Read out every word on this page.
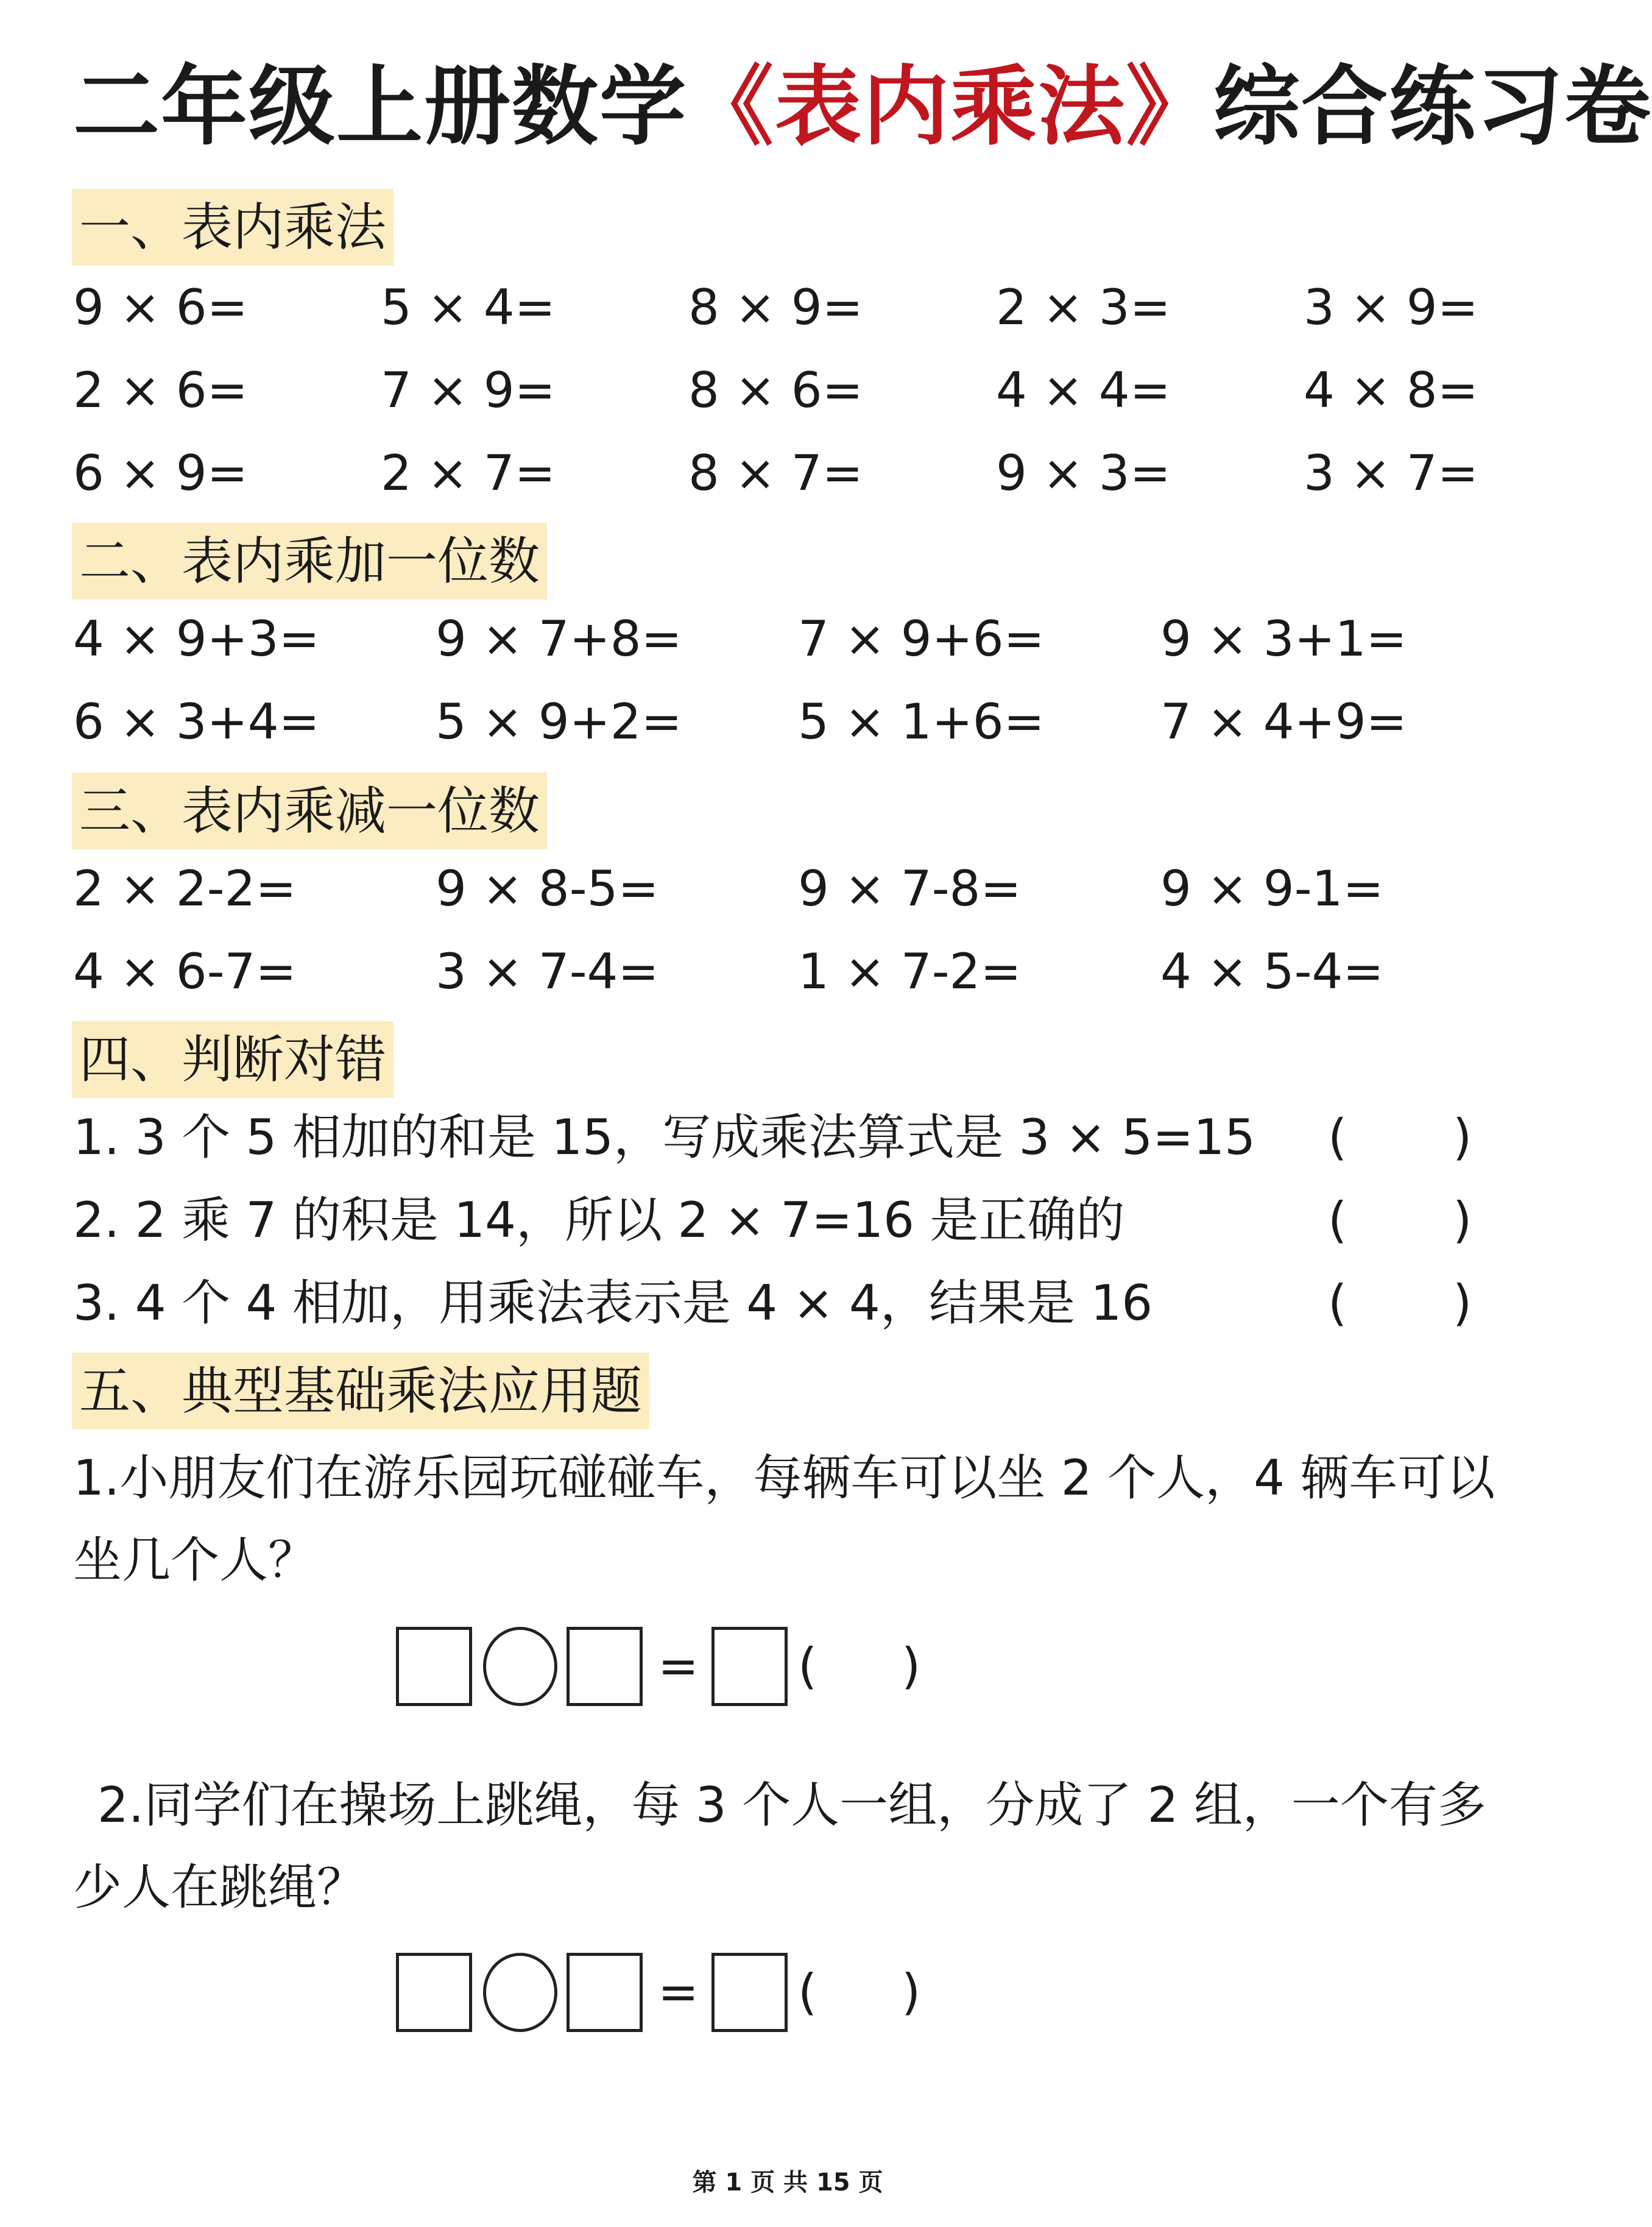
二年级上册数学《表内乘法》综合练习卷
一、表内乘法
9 × 6=	5 × 4=	8 × 9=	2 × 3=	3 × 9=
2 × 6=	7 × 9=	8 × 6=	4 × 4=	4 × 8=
6 × 9=	2 × 7=	8 × 7=	9 × 3=	3 × 7=
二、表内乘加一位数
4 × 9+3= 9 × 7+8= 7 × 9+6= 9 × 3+1=
6 × 3+4= 5 × 9+2= 5 × 1+6= 7 × 4+9=
三、表内乘减一位数
2 × 2-2=	9 × 8-5=	9 × 7-8=	9 × 9-1=
4 × 6-7=	3 × 7-4=	1 × 7-2=	4 × 5-4=
四、判断对错
1. 3 个 5 相加的和是 15，写成乘法算式是 3 × 5=15 ( )
2. 2 乘 7 的积是 14，所以 2 × 7=16 是正确的	( )
3. 4 个 4 相加，用乘法表示是 4 × 4，结果是 16	( )
五、典型基础乘法应用题
1.小朋友们在游乐园玩碰碰车，每辆车可以坐 2 个人，4 辆车可以坐几个人？
= ( )
2.同学们在操场上跳绳，每 3 个人一组，分成了 2 组，一个有多少人在跳绳？
= ( )
第 1 页 共 15 页
